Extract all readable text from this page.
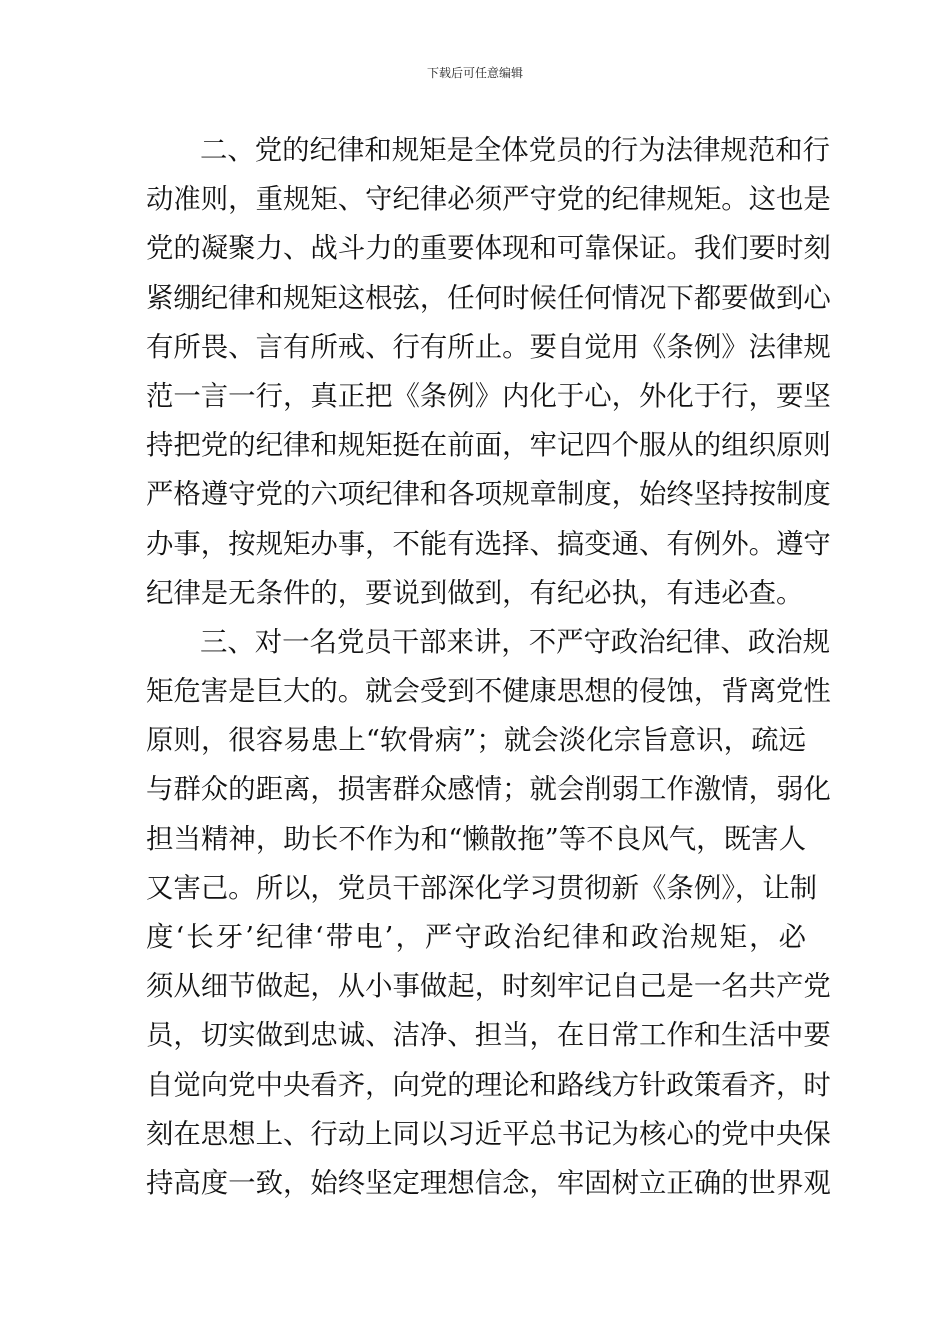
下载后可任意编辑
二、党的纪律和规矩是全体党员的行为法律规范和行
动准则，重规矩、守纪律必须严守党的纪律规矩。这也是
党的凝聚力、战斗力的重要体现和可靠保证。我们要时刻
紧绷纪律和规矩这根弦，任何时候任何情况下都要做到心
有所畏、言有所戒、行有所止。要自觉用《条例》法律规
范一言一行，真正把《条例》内化于心，外化于行，要坚
持把党的纪律和规矩挺在前面，牢记四个服从的组织原则
严格遵守党的六项纪律和各项规章制度，始终坚持按制度
办事，按规矩办事，不能有选择、搞变通、有例外。遵守
纪律是无条件的，要说到做到，有纪必执，有违必查。
三、对一名党员干部来讲，不严守政治纪律、政治规
矩危害是巨大的。就会受到不健康思想的侵蚀，背离党性
原则，很容易患上“软骨病”；就会淡化宗旨意识，疏远
与群众的距离，损害群众感情；就会削弱工作激情，弱化
担当精神，助长不作为和“懒散拖”等不良风气，既害人
又害己。所以，党员干部深化学习贯彻新《条例》，让制
度‘长牙’纪律‘带电’，严守政治纪律和政治规矩，必
须从细节做起，从小事做起，时刻牢记自己是一名共产党
员，切实做到忠诚、洁净、担当，在日常工作和生活中要
自觉向党中央看齐，向党的理论和路线方针政策看齐，时
刻在思想上、行动上同以习近平总书记为核心的党中央保
持高度一致，始终坚定理想信念，牢固树立正确的世界观
